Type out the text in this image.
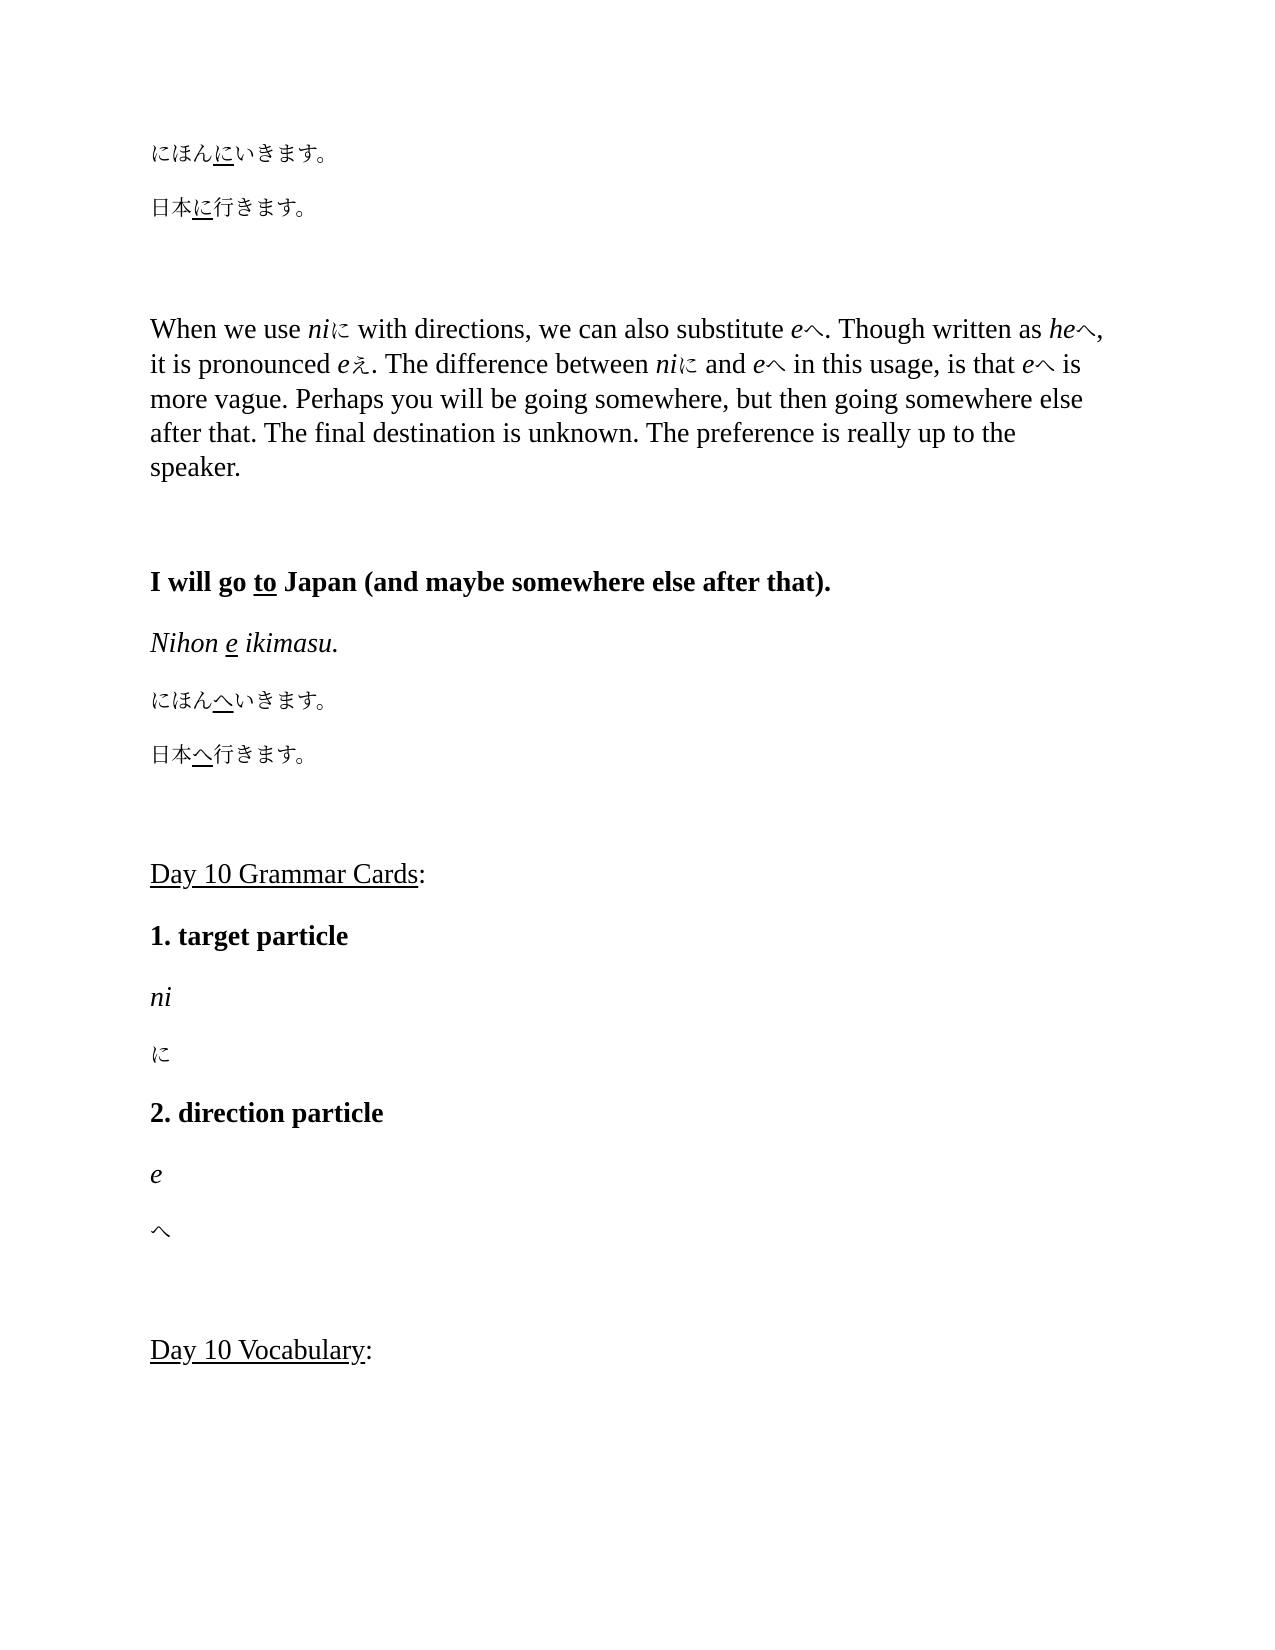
にほんにいきます。

日本に行きます。

When we use niに with directions, we can also substitute eへ. Though written as heへ, it is pronounced eえ. The difference between niに and eへ in this usage, is that eへ is more vague. Perhaps you will be going somewhere, but then going somewhere else after that. The final destination is unknown. The preference is really up to the speaker.

I will go to Japan (and maybe somewhere else after that).

Nihon e ikimasu.

にほんへいきます。

日本へ行きます。

Day 10 Grammar Cards:

1. target particle

ni

に

2. direction particle

e

へ

Day 10 Vocabulary:
